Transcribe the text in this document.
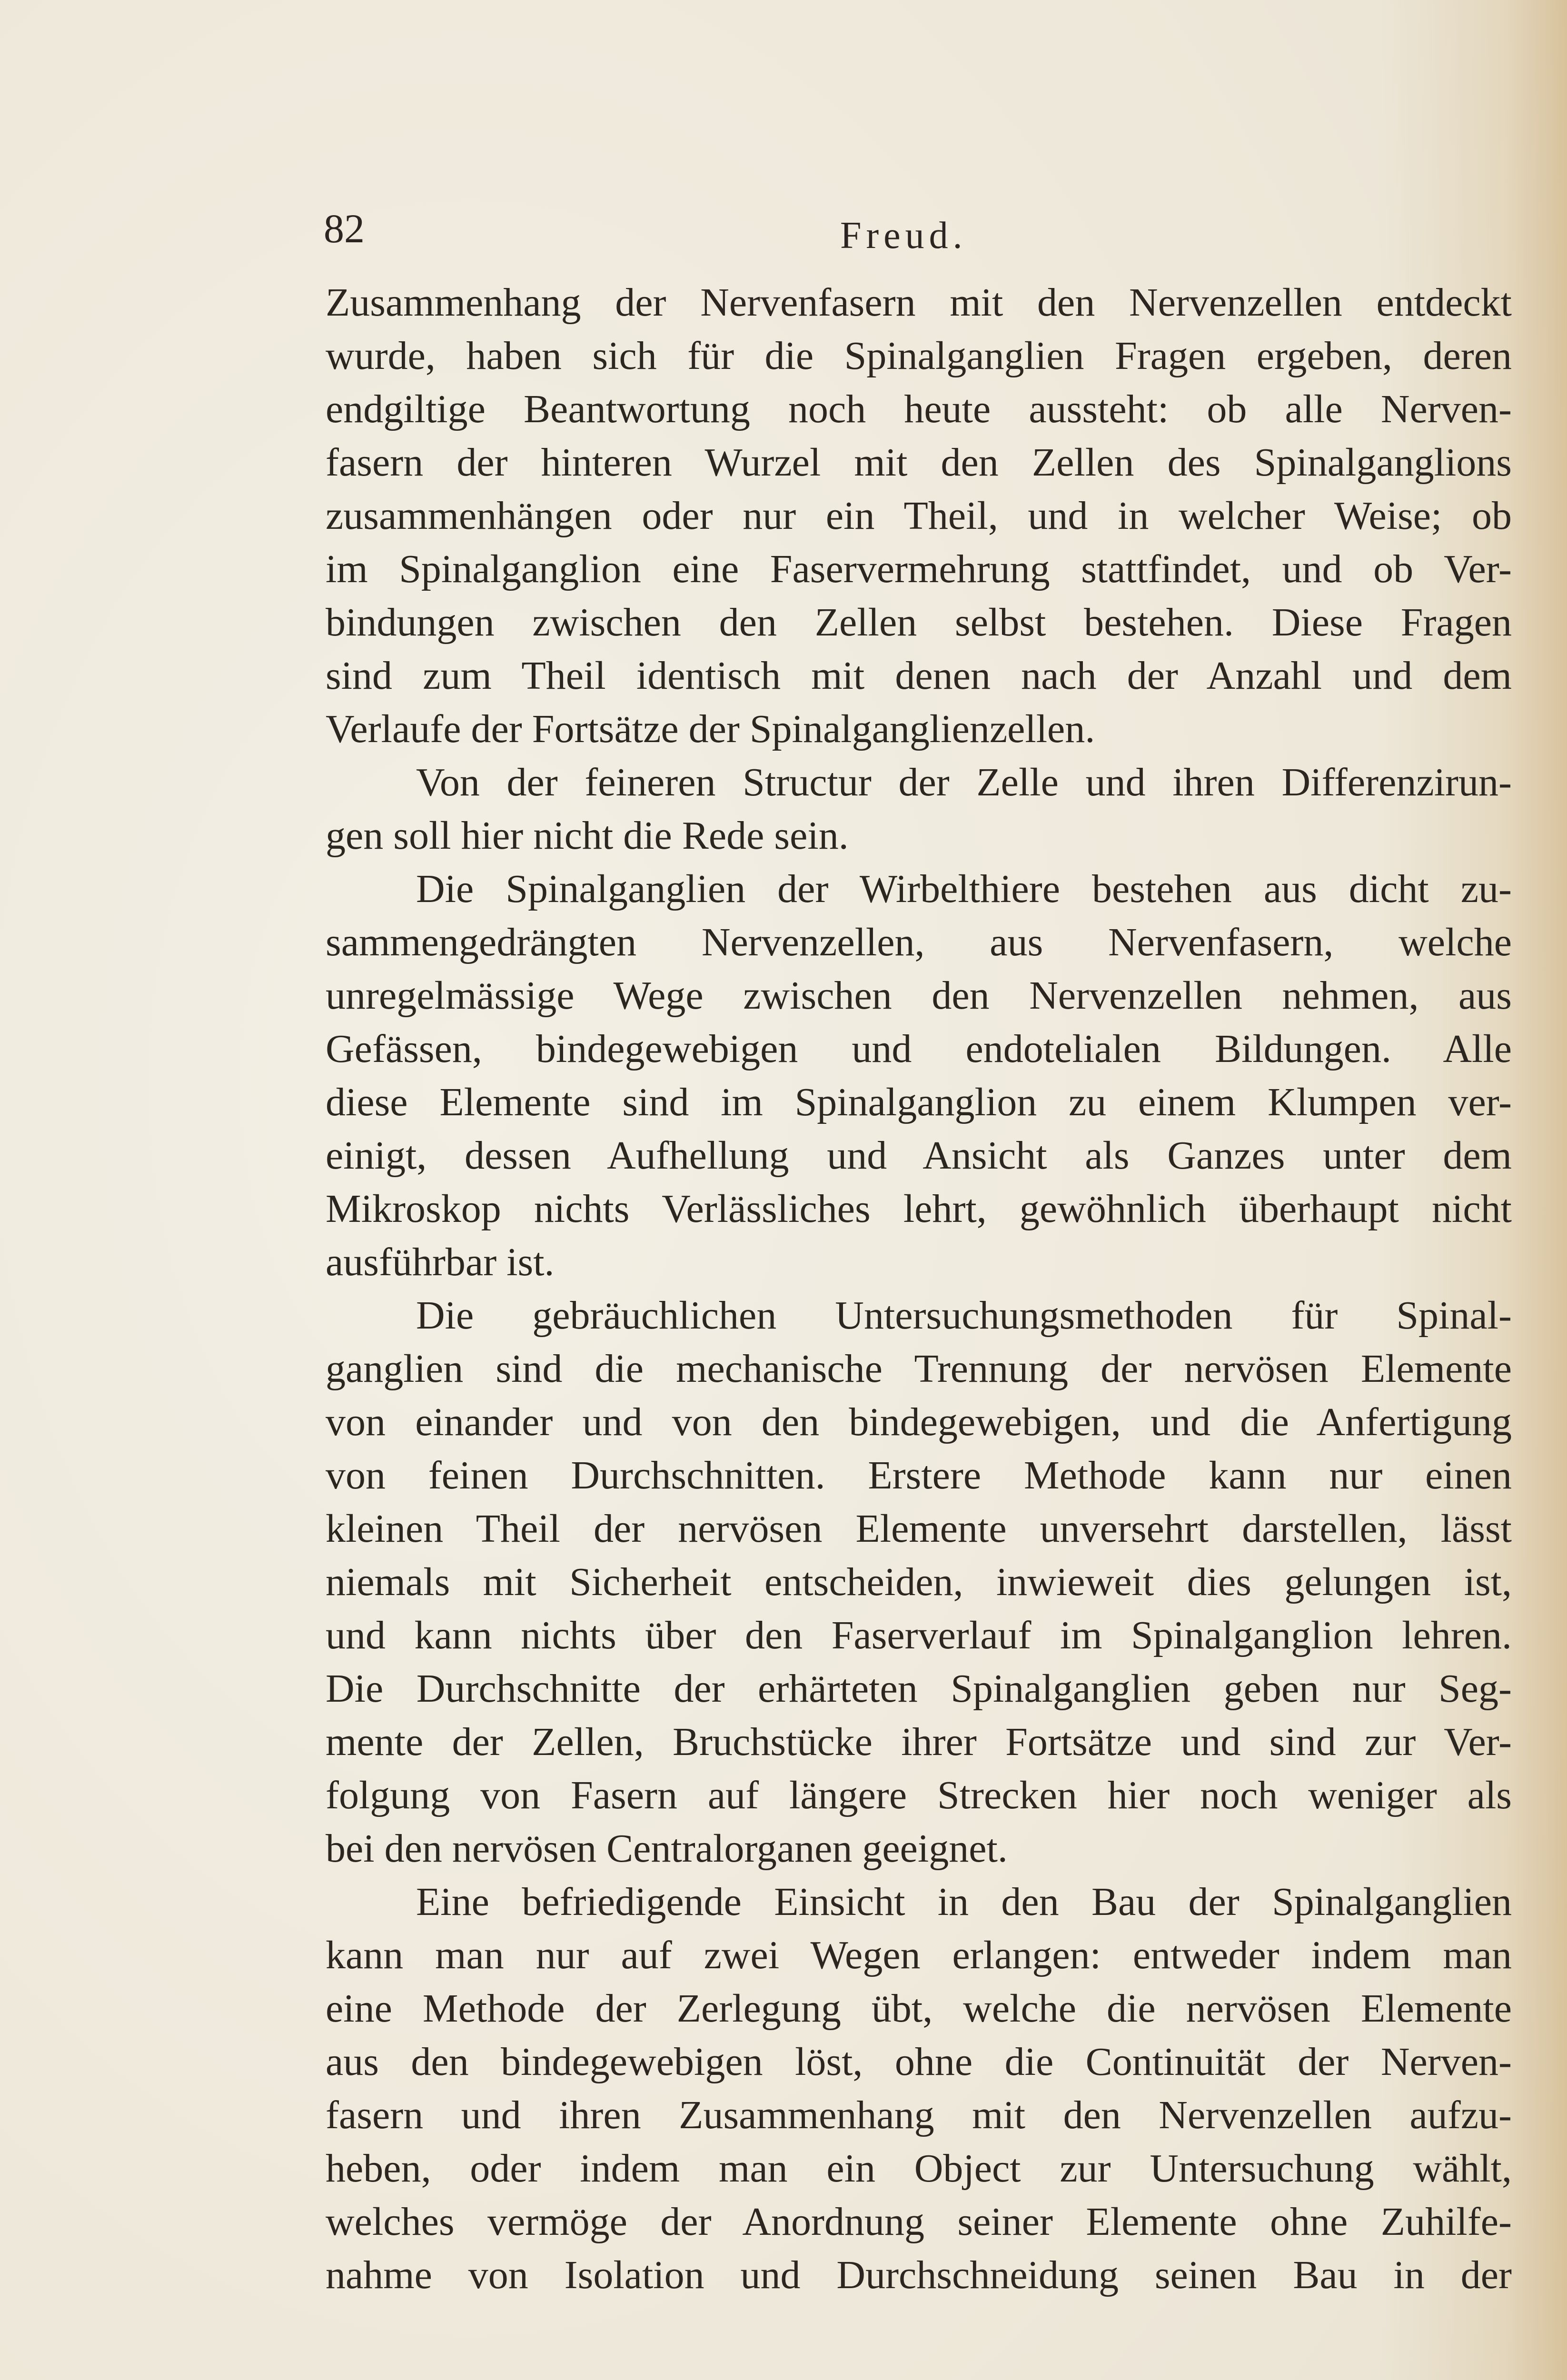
82	Freud.
Zusammenhang der Nervenfasern mit den Nervenzellen entdeckt
wurde, haben sich für die Spinalganglien Fragen ergeben, deren
endgiltige Beantwortung noch heute aussteht: ob alle Nerven-
fasern der hinteren Wurzel mit den Zellen des Spinalganglions
zusammenhängen oder nur ein Theil, und in welcher Weise; ob
im Spinalganglion eine Faservermehrung stattfindet, und ob Ver-
bindungen zwischen den Zellen selbst bestehen. Diese Fragen
sind zum Theil identisch mit denen nach der Anzahl und dem
Verlaufe der Fortsätze der Spinalganglienzellen.
Von der feineren Structur der Zelle und ihren Differenzirun-
gen soll hier nicht die Rede sein.
Die Spinalganglien der Wirbelthiere bestehen aus dicht zu-
sammengedrängten Nervenzellen, aus Nervenfasern, welche
unregelmässige Wege zwischen den Nervenzellen nehmen, aus
Gefässen, bindegewebigen und endotelialen Bildungen. Alle
diese Elemente sind im Spinalganglion zu einem Klumpen ver-
einigt, dessen Aufhellung und Ansicht als Ganzes unter dem
Mikroskop nichts Verlässliches lehrt, gewöhnlich überhaupt nicht
ausführbar ist.
Die gebräuchlichen Untersuchungsmethoden für Spinal-
ganglien sind die mechanische Trennung der nervösen Elemente
von einander und von den bindegewebigen, und die Anfertigung
von feinen Durchschnitten. Erstere Methode kann nur einen
kleinen Theil der nervösen Elemente unversehrt darstellen, lässt
niemals mit Sicherheit entscheiden, inwieweit dies gelungen ist,
und kann nichts über den Faserverlauf im Spinalganglion lehren.
Die Durchschnitte der erhärteten Spinalganglien geben nur Seg-
mente der Zellen, Bruchstücke ihrer Fortsätze und sind zur Ver-
folgung von Fasern auf längere Strecken hier noch weniger als
bei den nervösen Centralorganen geeignet.
Eine befriedigende Einsicht in den Bau der Spinalganglien
kann man nur auf zwei Wegen erlangen: entweder indem man
eine Methode der Zerlegung übt, welche die nervösen Elemente
aus den bindegewebigen löst, ohne die Continuität der Nerven-
fasern und ihren Zusammenhang mit den Nervenzellen aufzu-
heben, oder indem man ein Object zur Untersuchung wählt,
welches vermöge der Anordnung seiner Elemente ohne Zuhilfe-
nahme von Isolation und Durchschneidung seinen Bau in der
